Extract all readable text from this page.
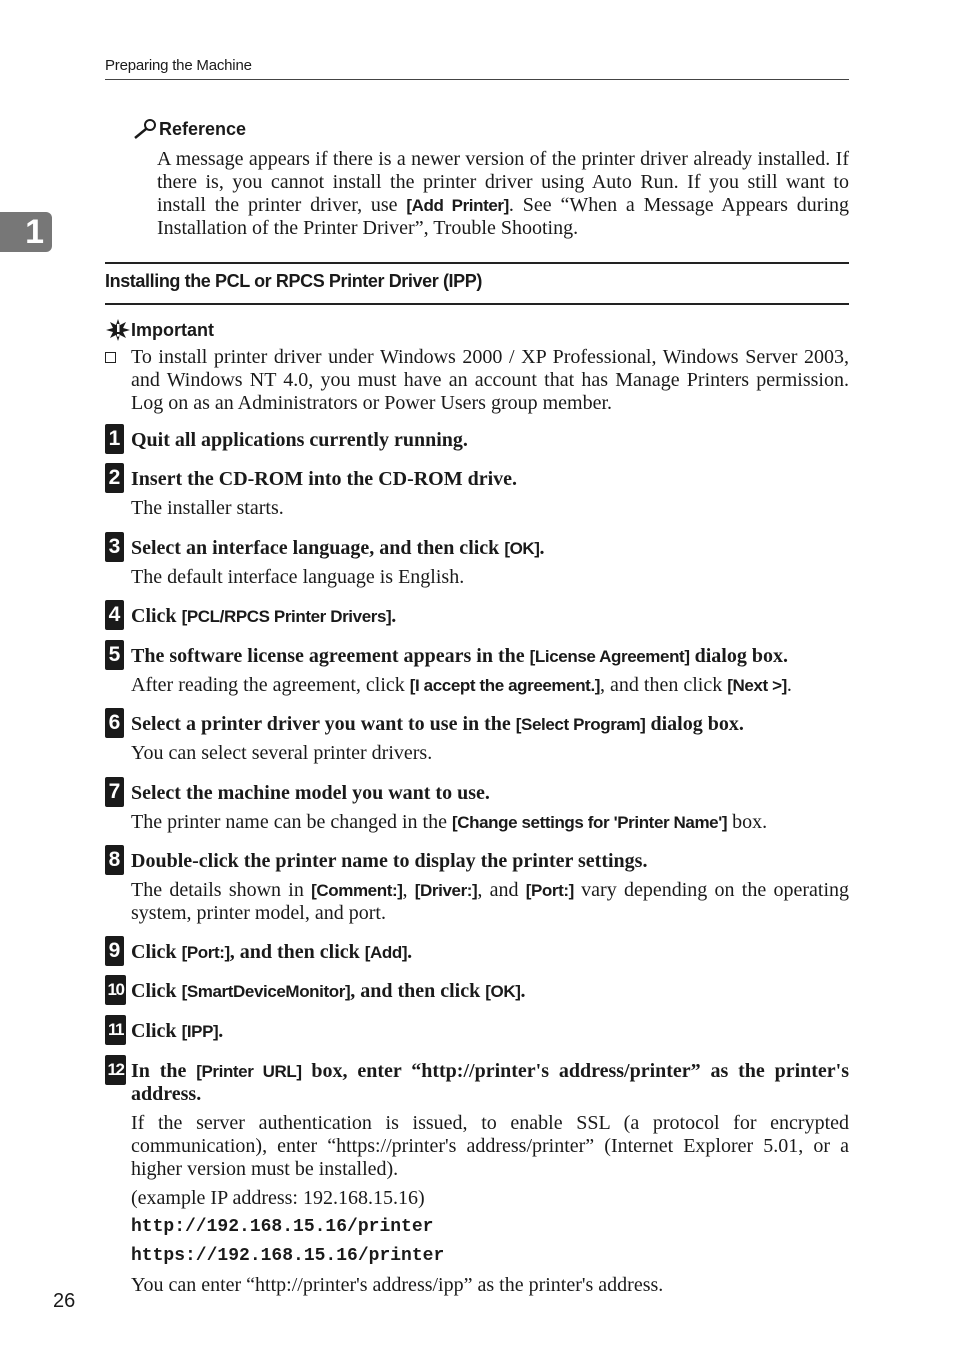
Preparing the Machine
1
Reference
A message appears if there is a newer version of the printer driver already installed. If there is, you cannot install the printer driver using Auto Run. If you still want to install the printer driver, use [Add Printer]. See “When a Message Appears during Installation of the Printer Driver”, Trouble Shooting.
Installing the PCL or RPCS Printer Driver (IPP)
Important
To install printer driver under Windows 2000 / XP Professional, Windows Server 2003, and Windows NT 4.0, you must have an account that has Manage Printers permission. Log on as an Administrators or Power Users group member.
1 Quit all applications currently running.
2 Insert the CD-ROM into the CD-ROM drive.
The installer starts.
3 Select an interface language, and then click [OK].
The default interface language is English.
4 Click [PCL/RPCS Printer Drivers].
5 The software license agreement appears in the [License Agreement] dialog box.
After reading the agreement, click [I accept the agreement.], and then click [Next >].
6 Select a printer driver you want to use in the [Select Program] dialog box.
You can select several printer drivers.
7 Select the machine model you want to use.
The printer name can be changed in the [Change settings for 'Printer Name'] box.
8 Double-click the printer name to display the printer settings.
The details shown in [Comment:], [Driver:], and [Port:] vary depending on the operating system, printer model, and port.
9 Click [Port:], and then click [Add].
10 Click [SmartDeviceMonitor], and then click [OK].
11 Click [IPP].
12 In the [Printer URL] box, enter “http://printer's address/printer” as the printer's address.
If the server authentication is issued, to enable SSL (a protocol for encrypted communication), enter “https://printer's address/printer” (Internet Explorer 5.01, or a higher version must be installed).
(example IP address: 192.168.15.16)
http://192.168.15.16/printer
https://192.168.15.16/printer
You can enter “http://printer's address/ipp” as the printer's address.
26
